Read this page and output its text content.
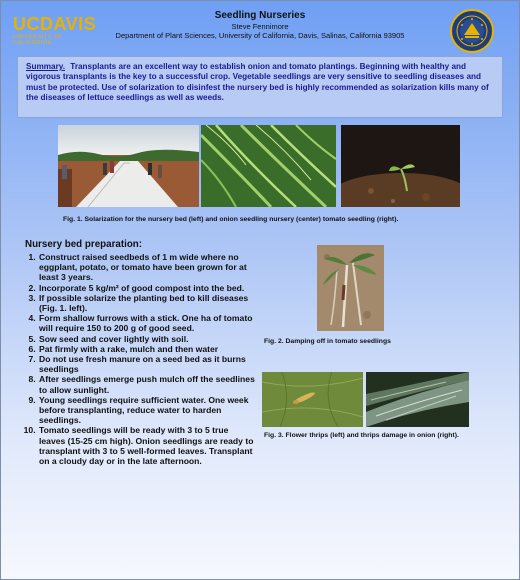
UCDAVIS
UNIVERSITY OF CALIFORNIA
Seedling Nurseries
Steve Fennimore
Department of Plant Sciences, University of California, Davis, Salinas, California 93905
Summary. Transplants are an excellent way to establish onion and tomato plantings. Beginning with healthy and vigorous transplants is the key to a successful crop. Vegetable seedlings are very sensitive to seedling diseases and must be protected. Use of solarization to disinfest the nursery bed is highly recommended as solarization kills many of the diseases of lettuce seedlings as well as weeds.
Fig. 1. Solarization for the nursery bed (left) and onion seedling nursery (center) tomato seedling (right).
Nursery bed preparation:
1. Construct raised seedbeds of 1 m wide where no eggplant, potato, or tomato have been grown for at least 3 years.
2. Incorporate 5 kg/m² of good compost into the bed.
3. If possible solarize the planting bed to kill diseases (Fig. 1. left).
4. Form shallow furrows with a stick. One ha of tomato will require 150 to 200 g of good seed.
5. Sow seed and cover lightly with soil.
6. Pat firmly with a rake, mulch and then water
7. Do not use fresh manure on a seed bed as it burns seedlings
8. After seedlings emerge push mulch off the seedlines to allow sunlight.
9. Young seedlings require sufficient water. One week before transplanting, reduce water to harden seedlings.
10. Tomato seedlings will be ready with 3 to 5 true leaves (15-25 cm high). Onion seedlings are ready to transplant with 3 to 5 well-formed leaves. Transplant on a cloudy day or in the late afternoon.
Fig. 2. Damping off in tomato seedlings
Fig. 3. Flower thrips (left) and thrips damage in onion (right).
